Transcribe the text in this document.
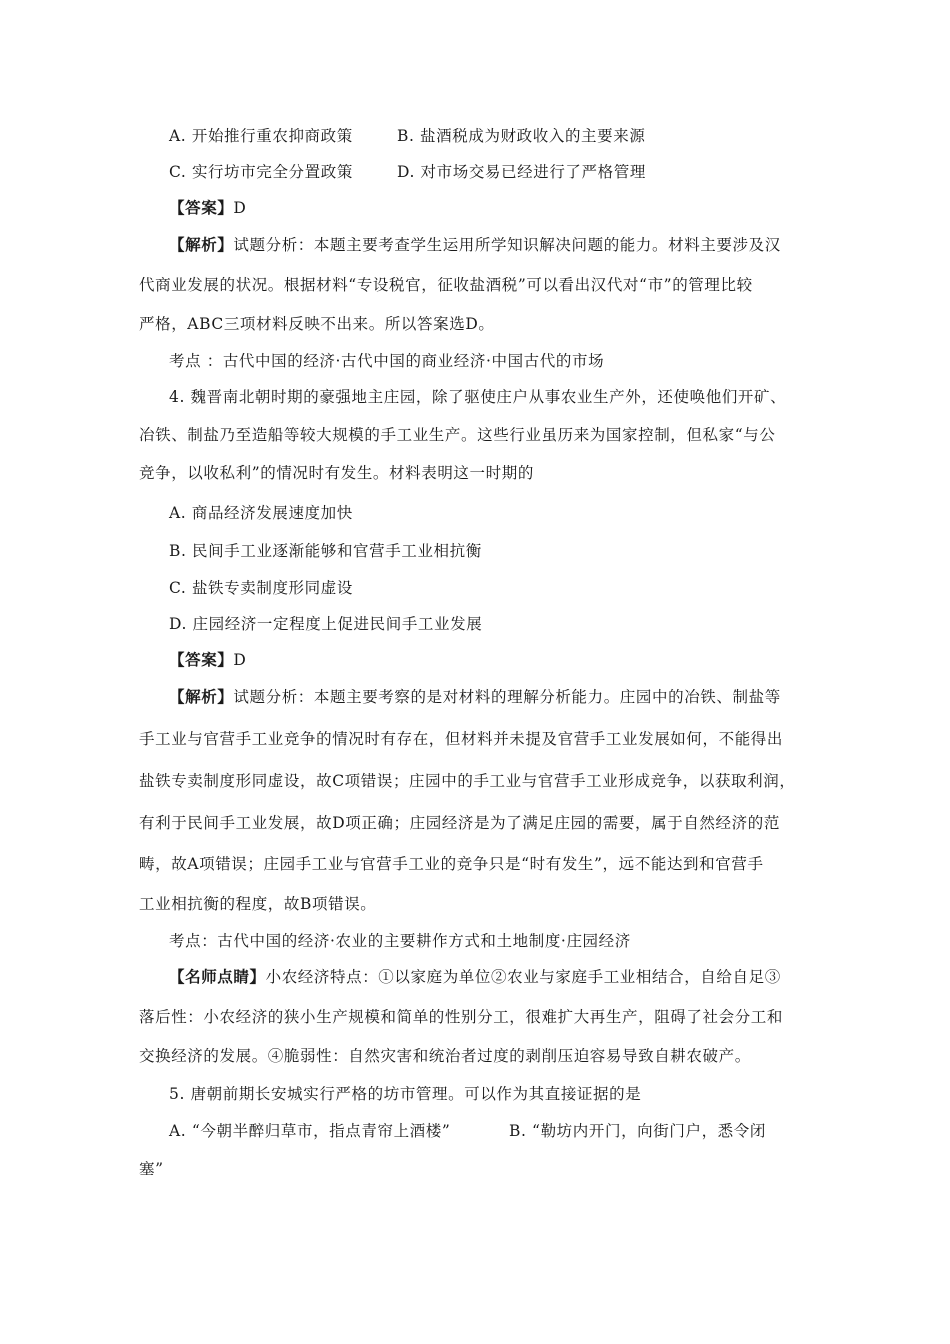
A. 开始推行重农抑商政策	B. 盐酒税成为财政收入的主要来源
C. 实行坊市完全分置政策	D. 对市场交易已经进行了严格管理
【答案】D
【解析】试题分析：本题主要考查学生运用所学知识解决问题的能力。材料主要涉及汉
代商业发展的状况。根据材料“专设税官，征收盐酒税”可以看出汉代对“市”的管理比较
严格，ABC三项材料反映不出来。所以答案选D。
考点 ：古代中国的经济·古代中国的商业经济·中国古代的市场
4. 魏晋南北朝时期的豪强地主庄园，除了驱使庄户从事农业生产外，还使唤他们开矿、
冶铁、制盐乃至造船等较大规模的手工业生产。这些行业虽历来为国家控制，但私家“与公
竞争，以收私利”的情况时有发生。材料表明这一时期的
A. 商品经济发展速度加快
B. 民间手工业逐渐能够和官营手工业相抗衡
C. 盐铁专卖制度形同虚设
D. 庄园经济一定程度上促进民间手工业发展
【答案】D
【解析】试题分析：本题主要考察的是对材料的理解分析能力。庄园中的冶铁、制盐等
手工业与官营手工业竞争的情况时有存在，但材料并未提及官营手工业发展如何，不能得出
盐铁专卖制度形同虚设，故C项错误；庄园中的手工业与官营手工业形成竞争，以获取利润，
有利于民间手工业发展，故D项正确；庄园经济是为了满足庄园的需要，属于自然经济的范
畴，故A项错误；庄园手工业与官营手工业的竞争只是“时有发生”，远不能达到和官营手
工业相抗衡的程度，故B项错误。
考点：古代中国的经济·农业的主要耕作方式和土地制度·庄园经济
【名师点睛】小农经济特点：①以家庭为单位②农业与家庭手工业相结合，自给自足③
落后性：小农经济的狭小生产规模和简单的性别分工，很难扩大再生产，阻碍了社会分工和
交换经济的发展。④脆弱性：自然灾害和统治者过度的剥削压迫容易导致自耕农破产。
5. 唐朝前期长安城实行严格的坊市管理。可以作为其直接证据的是
A. “今朝半醉归草市，指点青帘上酒楼”	B. “勒坊内开门，向街门户，悉令闭
塞”
